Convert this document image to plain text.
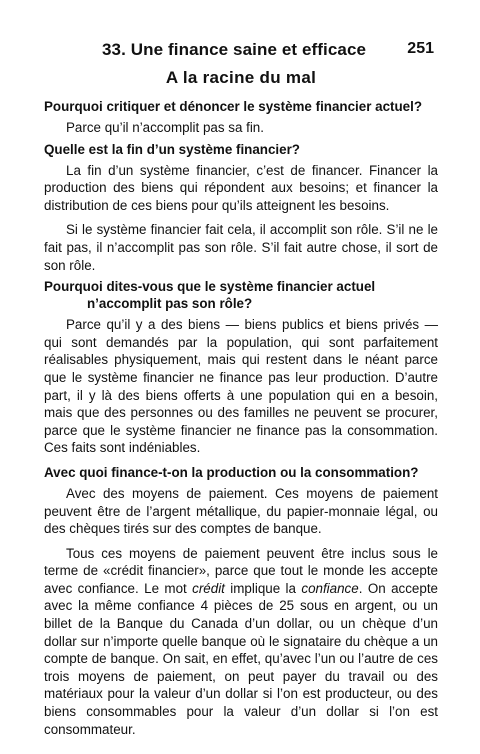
33. Une finance saine et efficace	251
A la racine du mal

Pourquoi critiquer et dénoncer le système financier actuel?

Parce qu’il n’accomplit pas sa fin.

Quelle est la fin d’un système financier?

La fin d’un système financier, c’est de financer. Financer la production des biens qui répondent aux besoins; et financer la distribution de ces biens pour qu’ils atteignent les besoins.

Si le système financier fait cela, il accomplit son rôle. S’il ne le fait pas, il n’accomplit pas son rôle. S’il fait autre chose, il sort de son rôle.

Pourquoi dites-vous que le système financier actuel n’accomplit pas son rôle?

Parce qu’il y a des biens — biens publics et biens privés — qui sont demandés par la population, qui sont parfaitement réalisables physiquement, mais qui restent dans le néant parce que le système financier ne finance pas leur production. D’autre part, il y là des biens offerts à une population qui en a besoin, mais que des personnes ou des familles ne peuvent se procurer, parce que le système financier ne finance pas la consommation. Ces faits sont indéniables.

Avec quoi finance-t-on la production ou la consommation?

Avec des moyens de paiement. Ces moyens de paiement peuvent être de l’argent métallique, du papier-monnaie légal, ou des chèques tirés sur des comptes de banque.

Tous ces moyens de paiement peuvent être inclus sous le terme de «crédit financier», parce que tout le monde les accepte avec confiance. Le mot crédit implique la confiance. On accepte avec la même confiance 4 pièces de 25 sous en argent, ou un billet de la Banque du Canada d’un dollar, ou un chèque d’un dollar sur n’importe quelle banque où le signataire du chèque a un compte de banque. On sait, en effet, qu’avec l’un ou l’autre de ces trois moyens de paiement, on peut payer du travail ou des matériaux pour la valeur d’un dollar si l’on est producteur, ou des biens consommables pour la valeur d’un dollar si l’on est consommateur.
